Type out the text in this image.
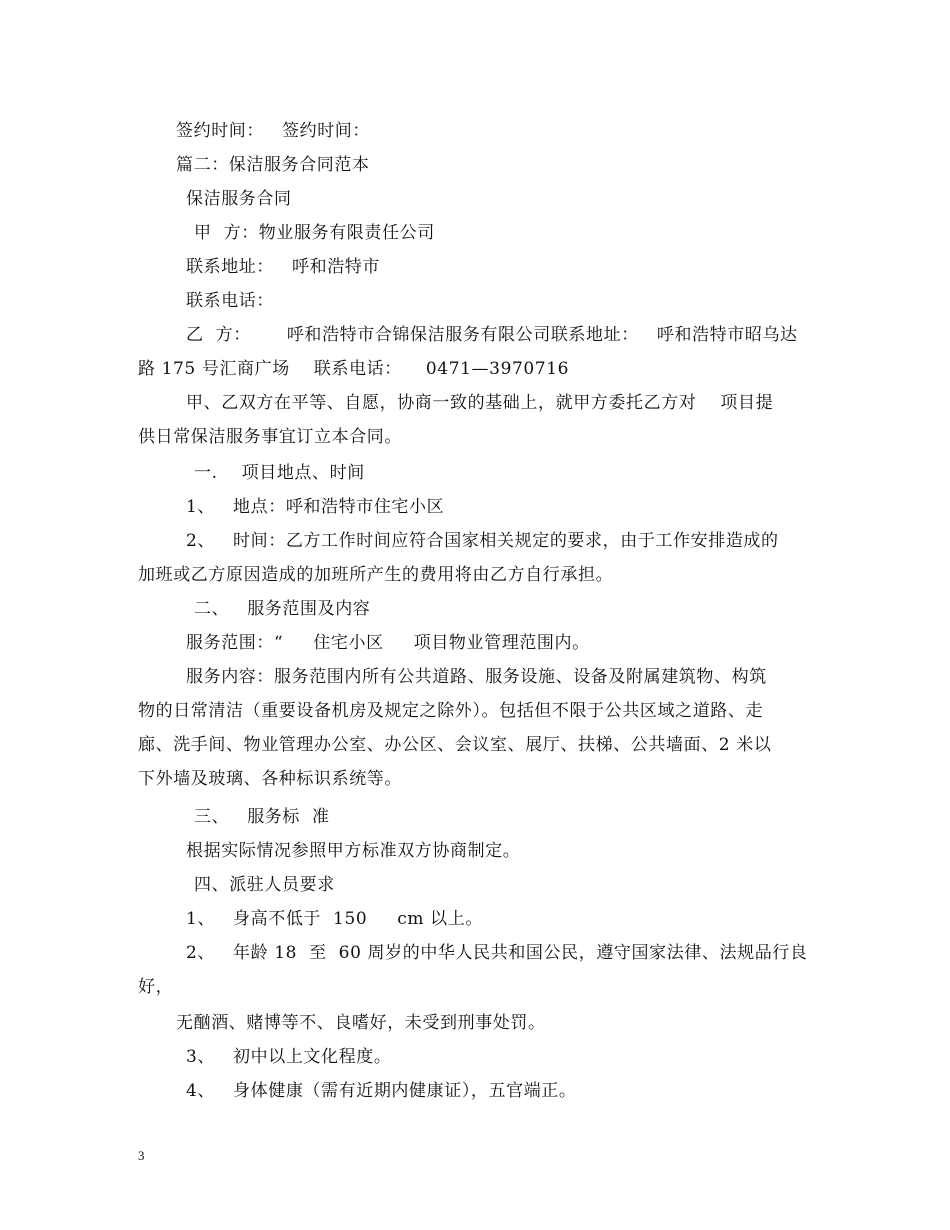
签约时间：   签约时间：
篇二：保洁服务合同范本
保洁服务合同
甲  方：物业服务有限责任公司
联系地址：   呼和浩特市
联系电话：
乙  方：      呼和浩特市合锦保洁服务有限公司联系地址：   呼和浩特市昭乌达
路 175 号汇商广场    联系电话：    0471—3970716
甲、乙双方在平等、自愿，协商一致的基础上，就甲方委托乙方对    项目提
供日常保洁服务事宜订立本合同。
一.    项目地点、时间
1、   地点：呼和浩特市住宅小区
2、   时间：乙方工作时间应符合国家相关规定的要求，由于工作安排造成的
加班或乙方原因造成的加班所产生的费用将由乙方自行承担。
二、   服务范围及内容
服务范围：“     住宅小区     项目物业管理范围内。
服务内容：服务范围内所有公共道路、服务设施、设备及附属建筑物、构筑
物的日常清洁（重要设备机房及规定之除外）。包括但不限于公共区域之道路、走
廊、洗手间、物业管理办公室、办公区、会议室、展厅、扶梯、公共墙面、2 米以
下外墙及玻璃、各种标识系统等。
三、   服务标  准
根据实际情况参照甲方标准双方协商制定。
四、派驻人员要求
1、   身高不低于  150     cm 以上。
2、   年龄 18  至  60 周岁的中华人民共和国公民，遵守国家法律、法规品行良
好，
无酗酒、赌博等不、良嗜好，未受到刑事处罚。
3、   初中以上文化程度。
4、   身体健康（需有近期内健康证），五官端正。
3
